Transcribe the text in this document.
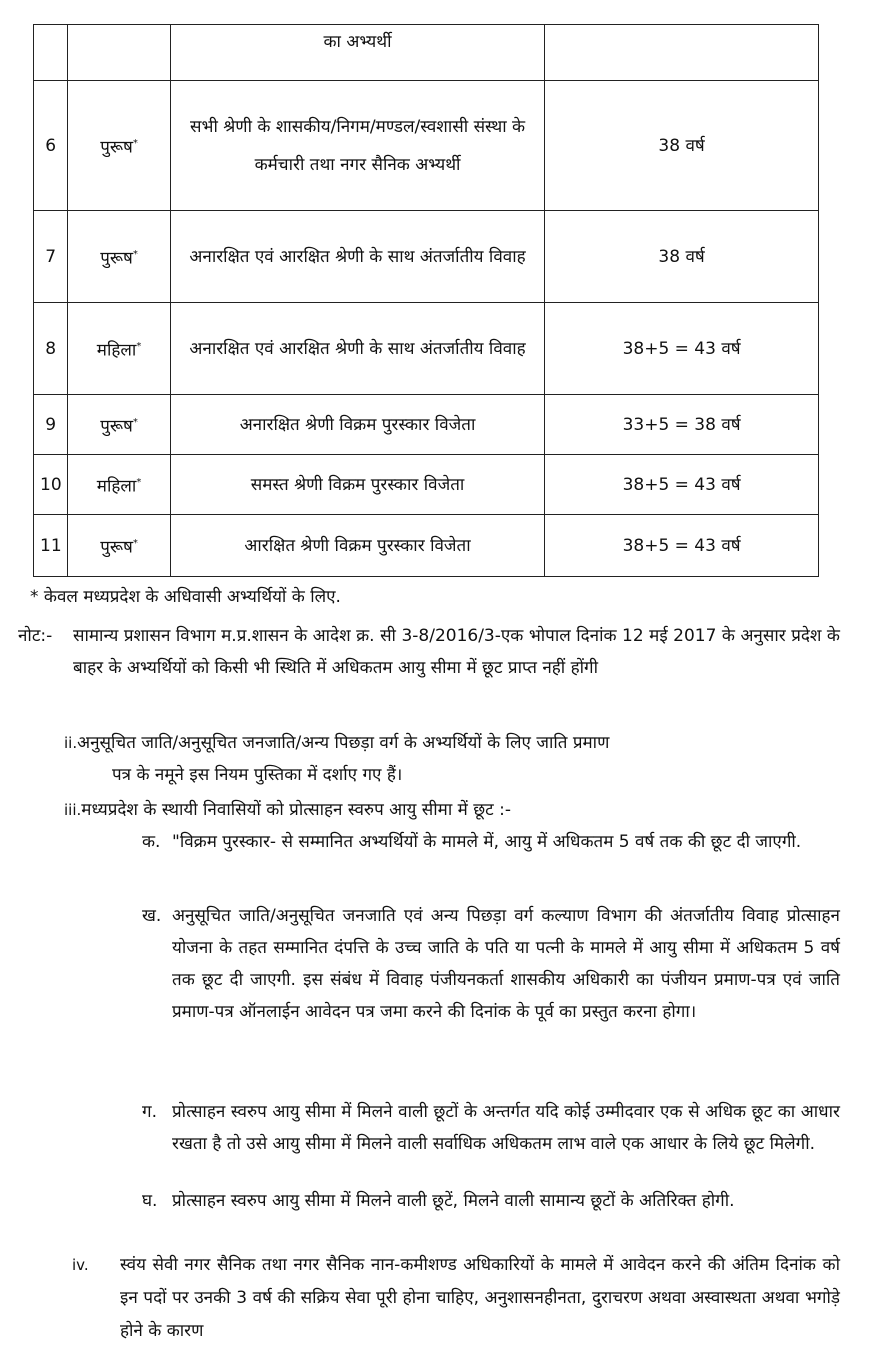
		का अभ्यर्थी	
6	पुरूष*	सभी श्रेणी के शासकीय/निगम/मण्डल/स्वशासी संस्था के कर्मचारी तथा नगर सैनिक अभ्यर्थी	38 वर्ष
7	पुरूष*	अनारक्षित एवं आरक्षित श्रेणी के साथ अंतर्जातीय विवाह	38 वर्ष
8	महिला*	अनारक्षित एवं आरक्षित श्रेणी के साथ अंतर्जातीय विवाह	38+5 = 43 वर्ष
9	पुरूष*	अनारक्षित श्रेणी विक्रम पुरस्कार विजेता	33+5 = 38 वर्ष
10	महिला*	समस्त श्रेणी विक्रम पुरस्कार विजेता	38+5 = 43 वर्ष
11	पुरूष*	आरक्षित श्रेणी विक्रम पुरस्कार विजेता	38+5 = 43 वर्ष
* केवल मध्यप्रदेश के अधिवासी अभ्यर्थियों के लिए.
नोट:-	सामान्य प्रशासन विभाग म.प्र.शासन के आदेश क्र. सी 3-8/2016/3-एक भोपाल दिनांक 12 मई 2017 के अनुसार प्रदेश के बाहर के अभ्यर्थियों को किसी भी स्थिति में अधिकतम आयु सीमा में छूट प्राप्त नहीं होंगी
ii.अनुसूचित जाति/अनुसूचित जनजाति/अन्य पिछड़ा वर्ग के अभ्यर्थियों के लिए जाति प्रमाण
पत्र के नमूने इस नियम पुस्तिका में दर्शाए गए हैं।
iii.मध्यप्रदेश के स्थायी निवासियों को प्रोत्साहन स्वरुप आयु सीमा में छूट :-
क. "विक्रम पुरस्कार- से सम्मानित अभ्यर्थियों के मामले में, आयु में अधिकतम 5 वर्ष तक की छूट दी जाएगी.
ख. अनुसूचित जाति/अनुसूचित जनजाति एवं अन्य पिछड़ा वर्ग कल्याण विभाग की अंतर्जातीय विवाह प्रोत्साहन योजना के तहत सम्मानित दंपत्ति के उच्च जाति के पति या पत्नी के मामले में आयु सीमा में अधिकतम 5 वर्ष तक छूट दी जाएगी. इस संबंध में विवाह पंजीयनकर्ता शासकीय अधिकारी का पंजीयन प्रमाण-पत्र एवं जाति प्रमाण-पत्र ऑनलाईन आवेदन पत्र जमा करने की दिनांक के पूर्व का प्रस्तुत करना होगा।
ग. प्रोत्साहन स्वरुप आयु सीमा में मिलने वाली छूटों के अन्तर्गत यदि कोई उम्मीदवार एक से अधिक छूट का आधार रखता है तो उसे आयु सीमा में मिलने वाली सर्वाधिक अधिकतम लाभ वाले एक आधार के लिये छूट मिलेगी.
घ. प्रोत्साहन स्वरुप आयु सीमा में मिलने वाली छूटें, मिलने वाली सामान्य छूटों के अतिरिक्त होगी.
iv.	स्वंय सेवी नगर सैनिक तथा नगर सैनिक नान-कमीशण्ड अधिकारियों के मामले में आवेदन करने की अंतिम दिनांक को इन पदों पर उनकी 3 वर्ष की सक्रिय सेवा पूरी होना चाहिए, अनुशासनहीनता, दुराचरण अथवा अस्वास्थता अथवा भगोड़े होने के कारण
